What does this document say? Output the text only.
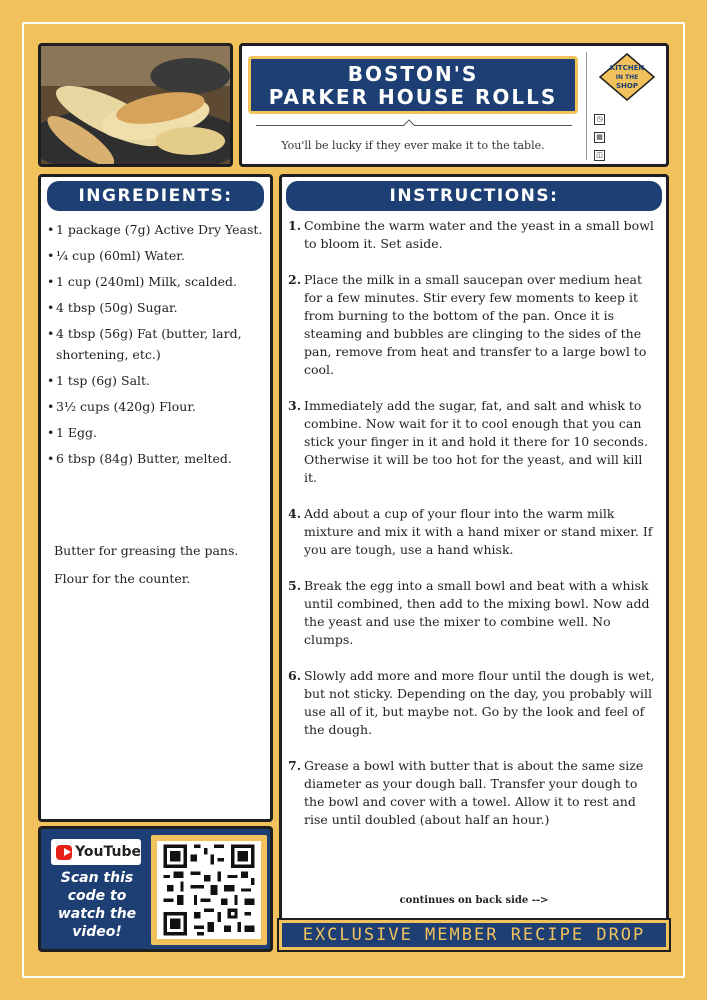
BOSTON'S
PARKER HOUSE ROLLS
You'll be lucky if they ever make it to the table.
KITCHEN
IN THE
SHOP
◷
▦
◫
INGREDIENTS:
• 1 package (7g) Active Dry Yeast.
• ¼ cup (60ml) Water.
• 1 cup (240ml) Milk, scalded.
• 4 tbsp (50g) Sugar.
• 4 tbsp (56g) Fat (butter, lard, shortening, etc.)
• 1 tsp (6g) Salt.
• 3½ cups (420g) Flour.
• 1 Egg.
• 6 tbsp (84g) Butter, melted.
Butter for greasing the pans.
Flour for the counter.
INSTRUCTIONS:
1. Combine the warm water and the yeast in a small bowl to bloom it. Set aside.
2. Place the milk in a small saucepan over medium heat for a few minutes. Stir every few moments to keep it from burning to the bottom of the pan. Once it is steaming and bubbles are clinging to the sides of the pan, remove from heat and transfer to a large bowl to cool.
3. Immediately add the sugar, fat, and salt and whisk to combine. Now wait for it to cool enough that you can stick your finger in it and hold it there for 10 seconds. Otherwise it will be too hot for the yeast, and will kill it.
4. Add about a cup of your flour into the warm milk mixture and mix it with a hand mixer or stand mixer. If you are tough, use a hand whisk.
5. Break the egg into a small bowl and beat with a whisk until combined, then add to the mixing bowl. Now add the yeast and use the mixer to combine well. No clumps.
6. Slowly add more and more flour until the dough is wet, but not sticky. Depending on the day, you probably will use all of it, but maybe not. Go by the look and feel of the dough.
7. Grease a bowl with butter that is about the same size diameter as your dough ball. Transfer your dough to the bowl and cover with a towel. Allow it to rest and rise until doubled (about half an hour.)
continues on back side -->
EXCLUSIVE MEMBER RECIPE DROP #36
YouTube
Scan this code to watch the video!
